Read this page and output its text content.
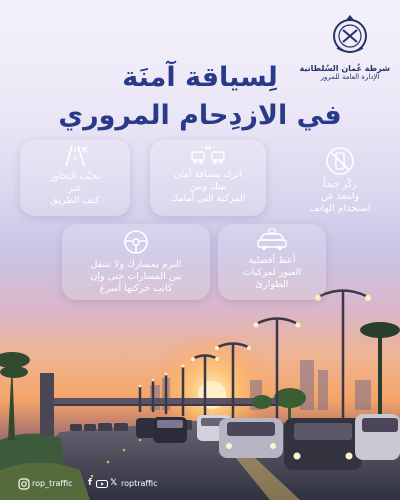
شرطة عُمان السُلطانية
الإدارة العامة للمرور
لِسياقة آمنَة
في الازدِحام المروري
ركّز جيداً
وابتعد عن
استخدام الهاتف
اترك مسافة أمان
بينك وبين
المركبة التي أمامك
تجنَّب التجاوز
عبر
كتف الطريق
أعط أفضلية
العبور لمركبات
الطوارئ
التزم بمسارك ولا تتنقل
بين المسارات حتى وإن
كانت حركتها أسرع
rop_traffic f 𝕏 roptraffic
